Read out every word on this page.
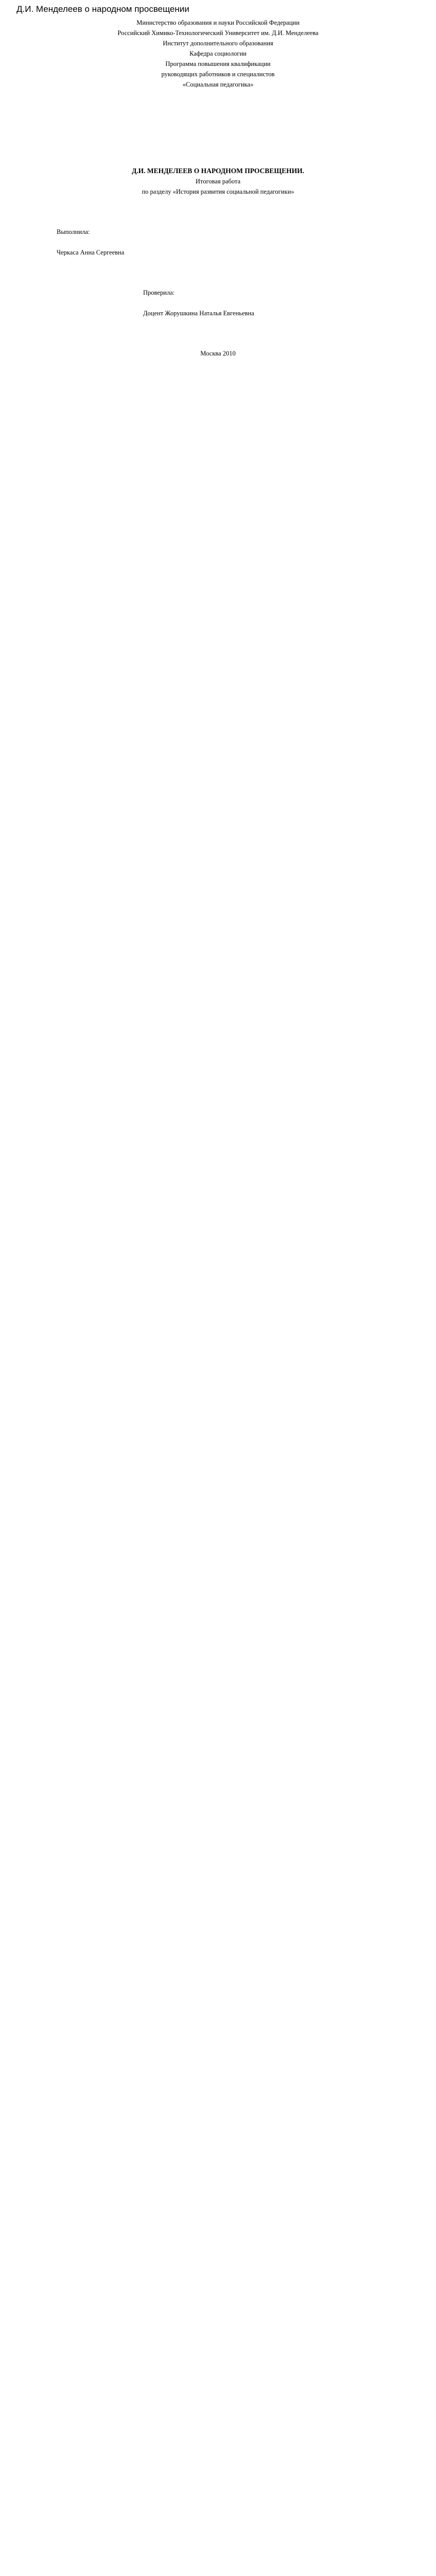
Д.И. Менделеев о народном просвещении
Министерство образования и науки Российской Федерации
Российский Химико-Технологический Университет им. Д.И. Менделеева
Институт дополнительного образования
Кафедра социологии
Программа повышения квалификации
руководящих работников и специалистов
«Социальная педагогика»
Д.И. МЕНДЕЛЕЕВ О НАРОДНОМ ПРОСВЕЩЕНИИ.
Итоговая работа
по разделу «История развития социальной педагогики»
Выполнила:
Черкаса Анна Сергеевна
Проверила:
Доцент Жорушкина Наталья Евгеньевна
Москва 2010
